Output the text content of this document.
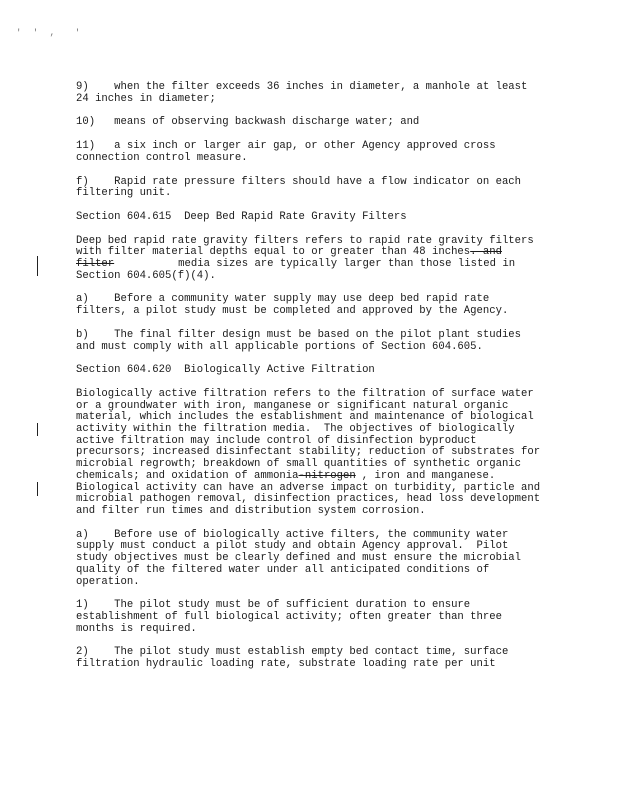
' ' ,  '

9)    when the filter exceeds 36 inches in diameter, a manhole at least 24 inches in diameter;

10)   means of observing backwash discharge water; and

11)   a six inch or larger air gap, or other Agency approved cross connection control measure.

f)    Rapid rate pressure filters should have a flow indicator on each filtering unit.

Section 604.615  Deep Bed Rapid Rate Gravity Filters

Deep bed rapid rate gravity filters refers to rapid rate gravity filters with filter material depths equal to or greater than 48 inches. and filter	media sizes are typically larger than those listed in Section 604.605(f)(4).

a)    Before a community water supply may use deep bed rapid rate filters, a pilot study must be completed and approved by the Agency.

b)    The final filter design must be based on the pilot plant studies and must comply with all applicable portions of Section 604.605.

Section 604.620  Biologically Active Filtration

Biologically active filtration refers to the filtration of surface water or a groundwater with iron, manganese or significant natural organic material, which includes the establishment and maintenance of biological activity within the filtration media.  The objectives of biologically active filtration may include control of disinfection byproduct precursors; increased disinfectant stability; reduction of substrates for microbial regrowth; breakdown of small quantities of synthetic organic chemicals; and oxidation of ammonia-nitrogen , iron and manganese.  Biological activity can have an adverse impact on turbidity, particle and microbial pathogen removal, disinfection practices, head loss development and filter run times and distribution system corrosion.

a)    Before use of biologically active filters, the community water supply must conduct a pilot study and obtain Agency approval.  Pilot study objectives must be clearly defined and must ensure the microbial quality of the filtered water under all anticipated conditions of operation.

1)    The pilot study must be of sufficient duration to ensure establishment of full biological activity; often greater than three months is required.

2)    The pilot study must establish empty bed contact time, surface filtration hydraulic loading rate, substrate loading rate per unit
